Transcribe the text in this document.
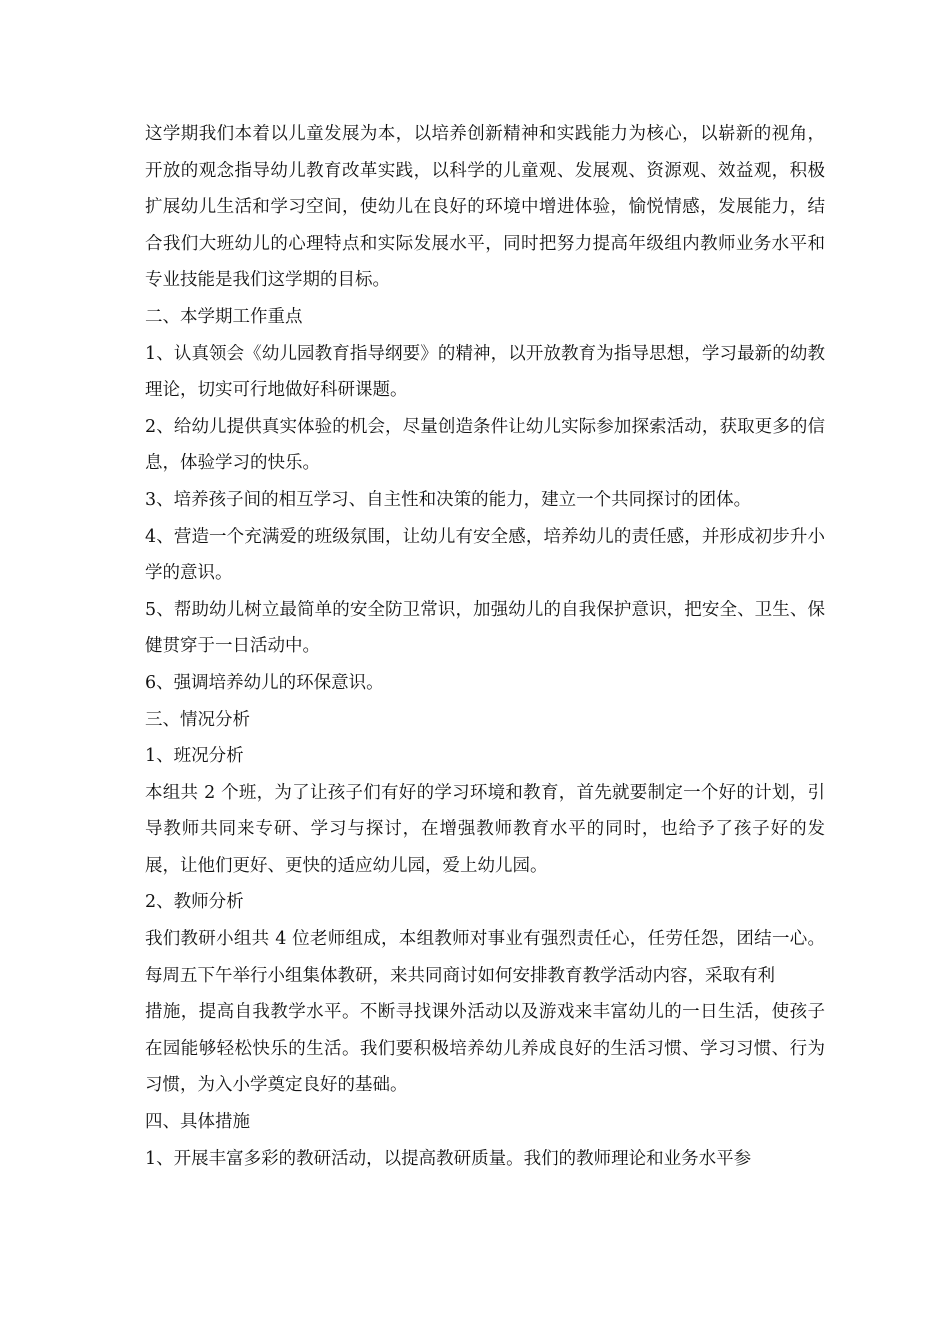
这学期我们本着以儿童发展为本，以培养创新精神和实践能力为核心，以崭新的视角，开放的观念指导幼儿教育改革实践，以科学的儿童观、发展观、资源观、效益观，积极扩展幼儿生活和学习空间，使幼儿在良好的环境中增进体验，愉悦情感，发展能力，结合我们大班幼儿的心理特点和实际发展水平，同时把努力提高年级组内教师业务水平和专业技能是我们这学期的目标。

二、本学期工作重点

1、认真领会《幼儿园教育指导纲要》的精神，以开放教育为指导思想，学习最新的幼教理论，切实可行地做好科研课题。

2、给幼儿提供真实体验的机会，尽量创造条件让幼儿实际参加探索活动，获取更多的信息，体验学习的快乐。

3、培养孩子间的相互学习、自主性和决策的能力，建立一个共同探讨的团体。

4、营造一个充满爱的班级氛围，让幼儿有安全感，培养幼儿的责任感，并形成初步升小学的意识。

5、帮助幼儿树立最简单的安全防卫常识，加强幼儿的自我保护意识，把安全、卫生、保健贯穿于一日活动中。

6、强调培养幼儿的环保意识。

三、情况分析

1、班况分析

本组共 2 个班，为了让孩子们有好的学习环境和教育，首先就要制定一个好的计划，引导教师共同来专研、学习与探讨，在增强教师教育水平的同时，也给予了孩子好的发展，让他们更好、更快的适应幼儿园，爱上幼儿园。

2、教师分析

我们教研小组共 4 位老师组成，本组教师对事业有强烈责任心，任劳任怨，团结一心。每周五下午举行小组集体教研，来共同商讨如何安排教育教学活动内容，采取有利

措施，提高自我教学水平。不断寻找课外活动以及游戏来丰富幼儿的一日生活，使孩子在园能够轻松快乐的生活。我们要积极培养幼儿养成良好的生活习惯、学习习惯、行为习惯，为入小学奠定良好的基础。

四、具体措施

1、开展丰富多彩的教研活动，以提高教研质量。我们的教师理论和业务水平参
